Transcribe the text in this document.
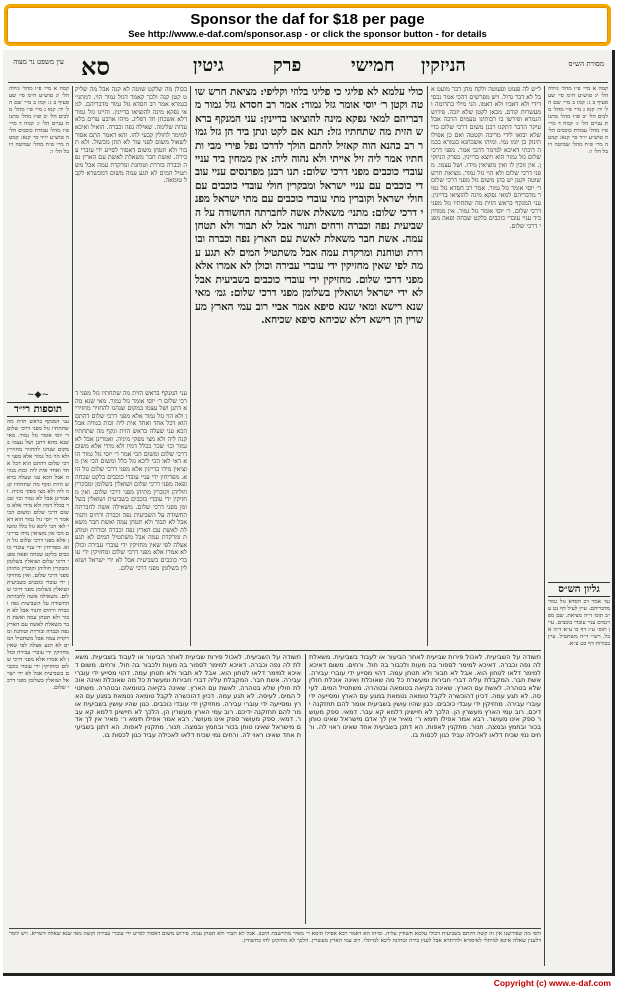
Sponsor the daf for $18 per page
See http://www.e-daf.com/sponsor.asp - or click the sponsor button - for details
עין משפט נר מצוה סא	גיטין	פרק	חמישי הניזקין	מסורת הש״ס
קמה א מיי׳ פ״ו מהל׳ גזילה הל׳ יג טוש״ע ח״מ סי׳ שע סעיף ב ג: קמו ב מיי׳ שם הל׳ יד: קמז ג מיי׳ פ״י מהל׳ מלכים הל׳ יב ופ״ז מהל׳ מתנות עניים הל׳ ז: קמח ד מיי׳ פ״ז מהל׳ עבודת כוכבים הל׳ ה טוש״ע יו״ד סי׳ קנא: קמט ה מיי׳ פ״ח מהל׳ שמיטה ויובל הל׳ ו:
בכולן מה שלקט שוטה לא קנה אבל מה שליקט קטן קנה ולכך קאמר דגזל גמור הוי. דמתני׳ בגמרא אמר רב חסדא גזל גמור מדבריהם. למאי נפקא מינה להוציאו בדיינין. והיינו גזל גמור דלא אשכחן חד דפליג. מיהו ארבע עדים בלא עדות שלימה. שאילה נפה וכברה. הואיל ואיכא למימר לחולין קבעי להו. והא דאמר התם אסור לשאול משום לפני עור לא תתן מכשול. ולא תבור ולא תטחן משום דאסור לסייע ידי עוברי עבירה. ואשת חבר משאלת לאשת עם הארץ נפה וכברה בוררת וטוחנת ומרקדת עמה אבל משתטיל המים לא תגע עמה משום דמכשרא לקבל טומאה.
~◆~
תוספות רי״ד
עני המנקף בראש הזית מה שתחתיו גזל מפני דרכי שלום ר׳ יוסי אומר גזל גמור. מאי שנא מהא דתנן ושל עצמו במקום שנהגו להחזיר מחזירין ולא הוי גזל גמור אלא מפני דרכי שלום דהתם הוא דכל אחד ואחד אית ליה זכות בגוויה אבל הכא עני שעלה בראש הזית ונקף מה שתחתיו קנה ליה ולא מצי מפקי מיניה. ואמרינן אבל לא גמור וכו׳ שכר בכלל דמיו ולא מידי אלא משום דרכי שלום ומשום הכי אמר ר׳ יוסי גזל גמור הוא דאי לאו הכי ליכא גזל כלל ומשום הכי אין מוציאין מידו בדיינין אלא מפני דרכי שלום גזל הוא. מפריחין ידי עניי עובדי כוכבים בלקט שכחה ופאה מפני דרכי שלום ושואלין בשלומן ומבקרין חוליהן וקוברין מתיהן מפני דרכי שלום. ואין מחזיקין ידי עובדי כוכבים בשביעית ושואלין בשלומן מפני דרכי שלום. משאילה אשה לחברתה החשודה על השביעית נפה וכברה ורחים ותנור אבל לא תבור ולא תטחן עמה ואשת חבר משאלת לאשת עם הארץ נפה וכברה ובוררת וטוחנת ומרקדת עמה אבל משתטיל המים לא תגע אצלה לפי שאין מחזיקין ידי עוברי עבירה וכולן לא אמרו אלא מפני דרכי שלום ומחזיקין ידי עובדי כוכבים בשביעית אבל לא ידי ישראל ושואלין בשלומן מפני דרכי שלום.
עני המנקף בראש הזית מה שתחתיו גזל מפני דרכי שלום ר׳ יוסי אומר גזל גמור. מאי שנא מהא דתנן ושל עצמו במקום שנהגו להחזיר מחזירין ולא הוי גזל גמור אלא מפני דרכי שלום דהתם הוא דכל אחד ואחד אית ליה זכות בגוויה אבל הכא עני שעלה בראש הזית ונקף מה שתחתיו קנה ליה ולא מצי מפקי מיניה. ואמרינן אבל לא גמור וכו׳ שכר בכלל דמיו ולא מידי אלא משום דרכי שלום ומשום הכי אמר ר׳ יוסי גזל גמור הוא דאי לאו הכי ליכא גזל כלל ומשום הכי אין מוציאין מידו בדיינין אלא מפני דרכי שלום גזל הוא. מפריחין ידי עניי עובדי כוכבים בלקט שכחה ופאה מפני דרכי שלום ושואלין בשלומן ומבקרין חוליהן וקוברין מתיהן מפני דרכי שלום. ואין מחזיקין ידי עובדי כוכבים בשביעית ושואלין בשלומן מפני דרכי שלום. משאילה אשה לחברתה החשודה על השביעית נפה וכברה ורחים ותנור אבל לא תבור ולא תטחן עמה ואשת חבר משאלת לאשת עם הארץ נפה וכברה ובוררת וטוחנת ומרקדת עמה אבל משתטיל המים לא תגע אצלה לפי שאין מחזיקין ידי עוברי עבירה וכולן לא אמרו אלא מפני דרכי שלום ומחזיקין ידי עובדי כוכבים בשביעית אבל לא ידי ישראל ושואלין בשלומן מפני דרכי שלום.
כולי עלמא לא פליגי כי פליגי בלוזי וקליפי: מציאת חרש שוטה וקטן ר׳ יוסי אומר גזל גמור: אמר רב חסדא גזל גמור מדבריהם למאי נפקא מינה להוציאו בדיינין: עני המנקף בראש הזית מה שתחתיו גזל: תנא אם לקט ונתן ביד הן גזל גמור רב כהנא הוה קאזיל להתם הולך לדרכו נפל פירי מבי ותחתיו אמר ליה זיל אייתי ולא נהוה ליה: אין ממחין ביד עניי עובדי כוכבים מפני דרכי שלום: תנו רבנן מפרנסים עניי עובדי כוכבים עם עניי ישראל ומבקרין חולי עובדי כוכבים עם חולי ישראל וקוברין מתי עובדי כוכבים עם מתי ישראל מפני דרכי שלום: מתני׳ משאלת אשה לחברתה החשודה על השביעית נפה וכברה ורחים ותנור אבל לא תבור ולא תטחן עמה. אשת חבר משאלת לאשת עם הארץ נפה וכברה ובוררת וטוחנת ומרקדת עמה אבל משתטיל המים לא תגע עמה לפי שאין מחזיקין ידי עוברי עבירה וכולן לא אמרו אלא מפני דרכי שלום. מחזיקין ידי עובדי כוכבים בשביעית אבל לא ידי ישראל ושואלין בשלומן מפני דרכי שלום: גמ׳ מאי שנא רישא ומאי שנא סיפא אמר אביי רוב עמי הארץ מעשרין הן רישא דלא שכיחא סיפא שכיחא.
ל״ש לה פעוט ופעוטה ולקח מהן דבר מועט אבל לא דבר גדול. ויש מפרשים דהכי אמר נכסי דידי ולא דאביו ולא דאמו. הני מילי בתרומה ומעשרות קודם. מכאן לקטן שלא יזכה. פירוש הגמרא ופירשו בו רבותינו טעמים הרבה אבל עיקר הדבר דתקנו רבנן משום דרכי שלום כדי שלא יבואו לידי מריבה וקטטה ואם כן אפילו תינוק בן יומו נמי. ומיהו אשכחנא בגמרא בכמה דוכתי דאיכא למימר דהכי אמר. מפני דרכי שלום גזל גמור הוא ויוצא בדיינין. בפרק הניזקין. אין זוכין לו ואין מוציאין מידו. ושל עצמו. מפני דרכי שלום ולא הוי גזל גמור. מציאת חרש שוטה וקטן יש בהן משום גזל מפני דרכי שלום ר׳ יוסי אומר גזל גמור. אמר רב חסדא גזל גמור מדבריהם למאי נפקא מינה להוציאו בדיינין. עני המנקף בראש הזית מה שתחתיו גזל מפני דרכי שלום. ר׳ יוסי אומר גזל גמור. אין ממחין ביד עניי עובדי כוכבים בלקט שכחה ופאה מפני דרכי שלום.
קמה א מיי׳ פ״ו מהל׳ גזילה הל׳ יג טוש״ע ח״מ סי׳ שע סעיף ב ג: קמו ב מיי׳ שם הל׳ יד: קמז ג מיי׳ פ״י מהל׳ מלכים הל׳ יב ופ״ז מהל׳ מתנות עניים הל׳ ז: קמח ד מיי׳ פ״ז מהל׳ עבודת כוכבים הל׳ ה טוש״ע יו״ד סי׳ קנא: קמט ה מיי׳ פ״ח מהל׳ שמיטה ויובל הל׳ ו:
גליון הש״ס
גמ׳ אמר רב חסדא גזל גמור מדבריהם. עיין לעיל דף נט ע״ב תוס׳ ד״ה מציאת. שם מפרנסים עניי עובדי כוכבים. עיין תוס׳ ע״ז דף כו ע״א ד״ה אבל. רש״י ד״ה משתטיל. עיין בכורות דף כט ע״א.
חשודה על השביעית. לאכול פירות שביעית לאחר הביעור או לעבוד בשביעית. משאלת לה נפה וכברה. דאיכא למימר לספור בה מעות ולכבור בה חול. ורחים. משום דאיכא למימר דלאו לטחון הוא. אבל לא תבור ולא תטחן עמה. דהוי מסייע ידי עוברי עבירה. אשת חבר. המקבלת עליה דברי חבירות ומעשרת כל מה שאוכלת ואינה אוכלת חולין שלא בטהרה. לאשת עם הארץ. שאינה בקיאה בטומאה ובטהרה. משתטיל המים. לעיסה. לא תגע עמה. דכיון דהוכשרה לקבל טומאה נטמאת במגע עם הארץ ומסייעה ידי עוברי עבירה. מחזיקין ידי עובדי כוכבים. כגון שהיו עושין בשביעית אומר להם תחזקנה ידיכם. רוב עמי הארץ מעשרין הן. הלכך לא חיישינן דלמא קא עבר. דמאי. ספק מעושר ספק אינו מעושר. רבא אמר אפילו תימא ר׳ מאיר אין לך אדם מישראל שאינו טוחן בכור ובחמץ ובמצה. תנור. מתקנין לאפות. הא דתנן בשביעית אחד שאינו ראוי לה. ורחים נמי שכיח דלאו לאכילה עביד כגון לכסות בו.
חשודה על השביעית. לאכול פירות שביעית לאחר הביעור או לעבוד בשביעית. משאלת לה נפה וכברה. דאיכא למימר לספור בה מעות ולכבור בה חול. ורחים. משום דאיכא למימר דלאו לטחון הוא. אבל לא תבור ולא תטחן עמה. דהוי מסייע ידי עוברי עבירה. אשת חבר. המקבלת עליה דברי חבירות ומעשרת כל מה שאוכלת ואינה אוכלת חולין שלא בטהרה. לאשת עם הארץ. שאינה בקיאה בטומאה ובטהרה. משתטיל המים. לעיסה. לא תגע עמה. דכיון דהוכשרה לקבל טומאה נטמאת במגע עם הארץ ומסייעה ידי עוברי עבירה. מחזיקין ידי עובדי כוכבים. כגון שהיו עושין בשביעית אומר להם תחזקנה ידיכם. רוב עמי הארץ מעשרין הן. הלכך לא חיישינן דלמא קא עבר. דמאי. ספק מעושר ספק אינו מעושר. רבא אמר אפילו תימא ר׳ מאיר אין לך אדם מישראל שאינו טוחן בכור ובחמץ ובמצה. תנור. מתקנין לאפות. הא דתנן בשביעית אחד שאינו ראוי לה. ורחים נמי שכיח דלאו לאכילה עביד כגון לכסות בו.
ולפי מה שפירשנו אין זה קשה דהתם בשביעית דכולי עלמא חשודין עליה. ומיהו הא דאמר רבא אפילו תימא ר׳ מאיר מתיישבת היטב. אבל לא תבור ולא תטחן עמה. פירוש משום דאסור לסייע ידי עוברי עבירה וקשה מאי שנא שאלה דשריא. ויש לומר דלענין שאלה איכא למיתלי לאיסורא ולהיתרא אבל לענין בירה וטחינה ליכא למיתלי. רוב עמי הארץ מעשרין. הלכך לא מחזקינן להו בחשודין.
Copyright (c) www.e-daf.com
